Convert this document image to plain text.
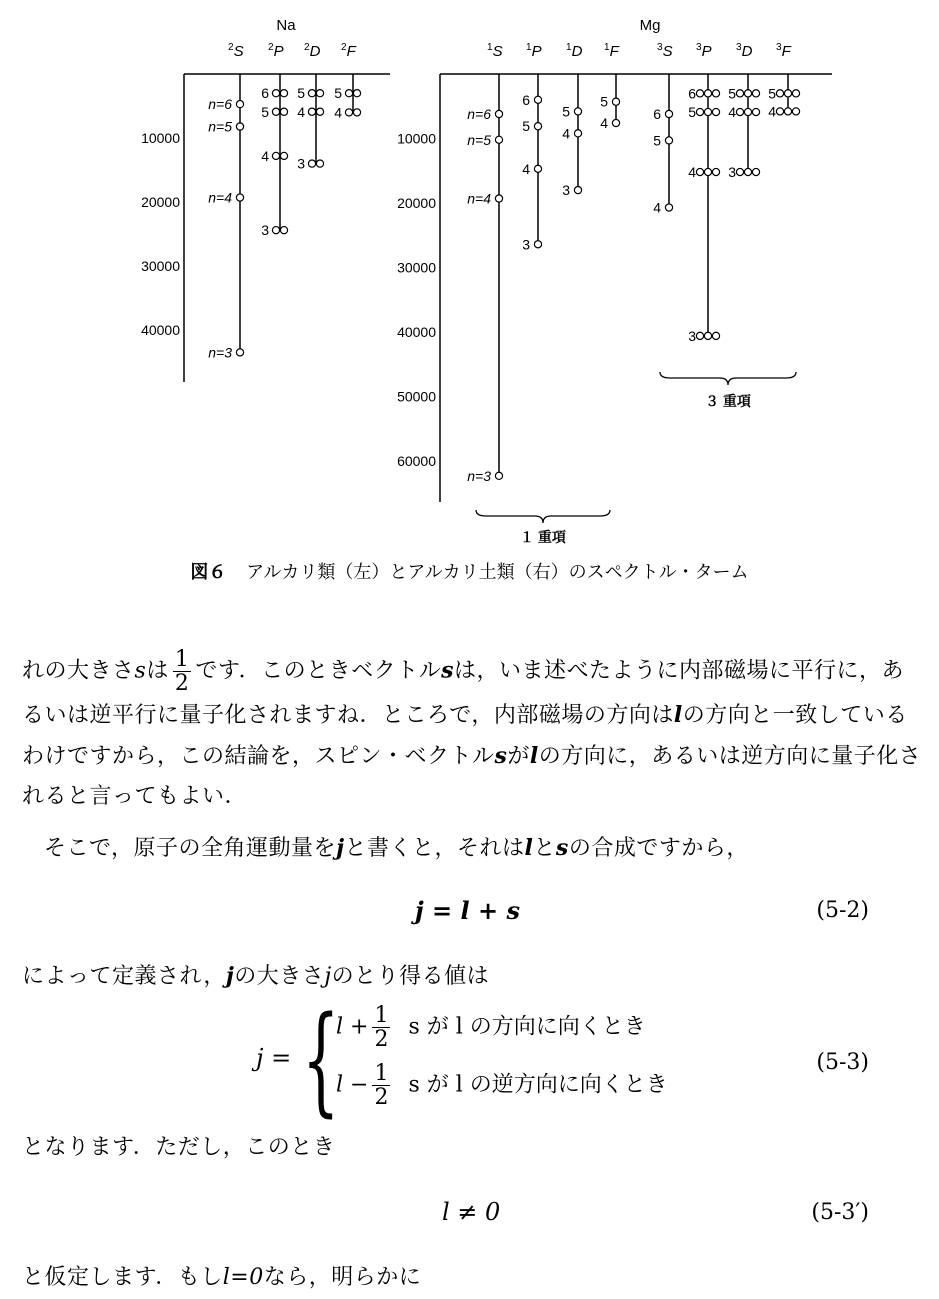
Na
$^2$S $^2$P $^2$D $^2$F
10000
20000
30000
40000
n=6
n=5
n=4
n=3
6
5
4
3
5
4
3
5
4
Mg
$^1$S $^1$P $^1$D $^1$F	$^3$S $^3$P $^3$D $^3$F
10000
20000
30000
40000
50000
60000
n=6
n=5
n=4
n=3
6
5
4
3
5
4
3
5
4
6
5
4
6
5
4
3
5
4
3
5
4
３ 重項
１ 重項
図６ アルカリ類（左）とアルカリ土類（右）のスペクトル・ターム
れの大きさsは $\frac{1}{2}$ です．このときベクトルsは，いま述べたように内部磁場に平行に，あるいは逆平行に量子化されますね．ところで，内部磁場の方向はlの方向と一致しているわけですから，この結論を，スピン・ベクトルsがlの方向に，あるいは逆方向に量子化されると言ってもよい．
そこで，原子の全角運動量をjと書くと，それはlとsの合成ですから，
j = l + s	(5-2)
によって定義され，jの大きさjのとり得る値は
j = {
$l + \frac{1}{2}$ s が l の方向に向くとき
$l - \frac{1}{2}$ s が l の逆方向に向くとき
(5-3)
となります．ただし，このとき
l ≠ 0	(5-3′)
と仮定します．もしl=0なら，明らかに
